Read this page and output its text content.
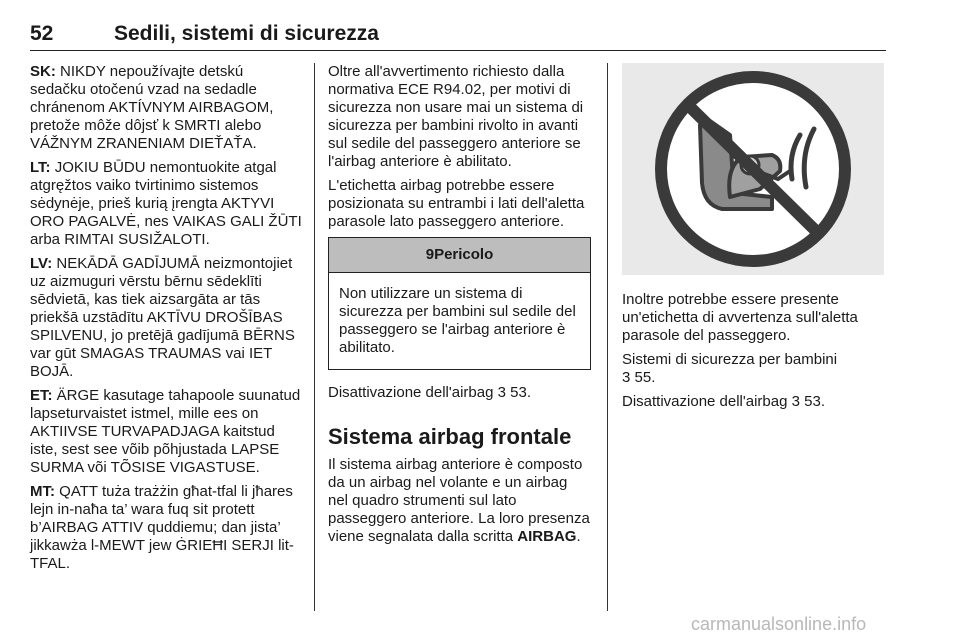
52	Sedili, sistemi di sicurezza

SK: NIKDY nepoužívajte detskú sedačku otočenú vzad na sedadle chránenom AKTÍVNYM AIRBAGOM, pretože môže dôjsť k SMRTI alebo VÁŽNYM ZRANENIAM DIEŤAŤA.

LT: JOKIU BŪDU nemontuokite atgal atgręžtos vaiko tvirtinimo sistemos sėdynėje, prieš kurią įrengta AKTYVI ORO PAGALVĖ, nes VAIKAS GALI ŽŪTI arba RIMTAI SUSIŽALOTI.

LV: NEKĀDĀ GADĪJUMĀ neizmontojiet uz aizmuguri vērstu bērnu sēdeklīti sēdvietā, kas tiek aizsargāta ar tās priekšā uzstādītu AKTĪVU DROŠĪBAS SPILVENU, jo pretējā gadījumā BĒRNS var gūt SMAGAS TRAUMAS vai IET BOJĀ.

ET: ÄRGE kasutage tahapoole suunatud lapseturvaistet istmel, mille ees on AKTIIVSE TURVAPADJAGA kaitstud iste, sest see võib põhjustada LAPSE SURMA või TÕSISE VIGASTUSE.

MT: QATT tuża trażżin għat-tfal li jħares lejn in-naħa ta’ wara fuq sit protett b’AIRBAG ATTIV quddiemu; dan jista’ jikkawża l-MEWT jew ĠRIEĦI SERJI lit-TFAL.

Oltre all'avvertimento richiesto dalla normativa ECE R94.02, per motivi di sicurezza non usare mai un sistema di sicurezza per bambini rivolto in avanti sul sedile del passeggero anteriore se l'airbag anteriore è abilitato.

L'etichetta airbag potrebbe essere posizionata su entrambi i lati dell'aletta parasole lato passeggero anteriore.

9Pericolo

Non utilizzare un sistema di sicurezza per bambini sul sedile del passeggero se l'airbag anteriore è abilitato.

Disattivazione dell'airbag 3 53.

Sistema airbag frontale

Il sistema airbag anteriore è composto da un airbag nel volante e un airbag nel quadro strumenti sul lato passeggero anteriore. La loro presenza viene segnalata dalla scritta AIRBAG.

Inoltre potrebbe essere presente un'etichetta di avvertenza sull'aletta parasole del passeggero.

Sistemi di sicurezza per bambini
3 55.

Disattivazione dell'airbag 3 53.

carmanualsonline.info
